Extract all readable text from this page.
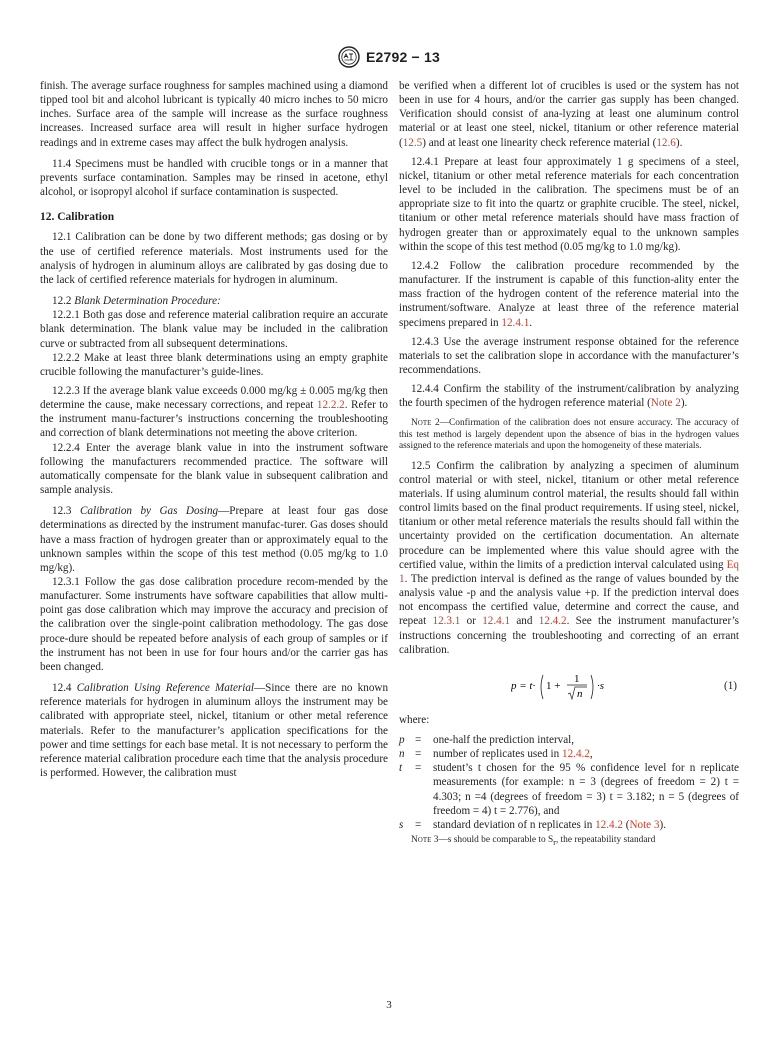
E2792 − 13

finish. The average surface roughness for samples machined using a diamond tipped tool bit and alcohol lubricant is typically 40 micro inches to 50 micro inches. Surface area of the sample will increase as the surface roughness increases. Increased surface area will result in higher surface hydrogen readings and in extreme cases may affect the bulk hydrogen analysis.

11.4 Specimens must be handled with crucible tongs or in a manner that prevents surface contamination. Samples may be rinsed in acetone, ethyl alcohol, or isopropyl alcohol if surface contamination is suspected.

12. Calibration

12.1 Calibration can be done by two different methods; gas dosing or by the use of certified reference materials. Most instruments used for the analysis of hydrogen in aluminum alloys are calibrated by gas dosing due to the lack of certified reference materials for hydrogen in aluminum.

12.2 Blank Determination Procedure:

12.2.1 Both gas dose and reference material calibration require an accurate blank determination. The blank value may be included in the calibration curve or subtracted from all subsequent determinations.

12.2.2 Make at least three blank determinations using an empty graphite crucible following the manufacturer’s guide-lines.

12.2.3 If the average blank value exceeds 0.000 mg/kg ± 0.005 mg/kg then determine the cause, make necessary corrections, and repeat 12.2.2. Refer to the instrument manu-facturer’s instructions concerning the troubleshooting and correction of blank determinations not meeting the above criterion.

12.2.4 Enter the average blank value in into the instrument software following the manufacturers recommended practice. The software will automatically compensate for the blank value in subsequent calibration and sample analysis.

12.3 Calibration by Gas Dosing—Prepare at least four gas dose determinations as directed by the instrument manufac-turer. Gas doses should have a mass fraction of hydrogen greater than or approximately equal to the unknown samples within the scope of this test method (0.05 mg/kg to 1.0 mg/kg).

12.3.1 Follow the gas dose calibration procedure recom-mended by the manufacturer. Some instruments have software capabilities that allow multi-point gas dose calibration which may improve the accuracy and precision of the calibration over the single-point calibration methodology. The gas dose proce-dure should be repeated before analysis of each group of samples or if the instrument has not been in use for four hours and/or the carrier gas has been changed.

12.4 Calibration Using Reference Material—Since there are no known reference materials for hydrogen in aluminum alloys the instrument may be calibrated with appropriate steel, nickel, titanium or other metal reference materials. Refer to the manufacturer’s application specifications for the power and time settings for each base metal. It is not necessary to perform the reference material calibration procedure each time that the analysis procedure is performed. However, the calibration must

be verified when a different lot of crucibles is used or the system has not been in use for 4 hours, and/or the carrier gas supply has been changed. Verification should consist of ana-lyzing at least one aluminum control material or at least one steel, nickel, titanium or other reference material (12.5) and at least one linearity check reference material (12.6).

12.4.1 Prepare at least four approximately 1 g specimens of a steel, nickel, titanium or other metal reference materials for each concentration level to be included in the calibration. The specimens must be of an appropriate size to fit into the quartz or graphite crucible. The steel, nickel, titanium or other metal reference materials should have mass fraction of hydrogen greater than or approximately equal to the unknown samples within the scope of this test method (0.05 mg/kg to 1.0 mg/kg).

12.4.2 Follow the calibration procedure recommended by the manufacturer. If the instrument is capable of this function-ality enter the mass fraction of the hydrogen content of the reference material into the instrument/software. Analyze at least three of the reference material specimens prepared in 12.4.1.

12.4.3 Use the average instrument response obtained for the reference materials to set the calibration slope in accordance with the manufacturer’s recommendations.

12.4.4 Confirm the stability of the instrument/calibration by analyzing the fourth specimen of the hydrogen reference material (Note 2).

Note 2—Confirmation of the calibration does not ensure accuracy. The accuracy of this test method is largely dependent upon the absence of bias in the hydrogen values assigned to the reference materials and upon the homogeneity of these materials.

12.5 Confirm the calibration by analyzing a specimen of aluminum control material or with steel, nickel, titanium or other metal reference materials. If using aluminum control material, the results should fall within control limits based on the final product requirements. If using steel, nickel, titanium or other metal reference materials the results should fall within the uncertainty provided on the certification documentation. An alternate procedure can be implemented where this value should agree with the certified value, within the limits of a prediction interval calculated using Eq 1. The prediction interval is defined as the range of values bounded by the analysis value -p and the analysis value +p. If the prediction interval does not encompass the certified value, determine and correct the cause, and repeat 12.3.1 or 12.4.1 and 12.4.2. See the instrument manufacturer’s instructions concerning the troubleshooting and correcting of an errant calibration.

p = t· 1 +
1
n
·s	(1)

where:

p =	one-half the prediction interval,
n =	number of replicates used in 12.4.2,
t	=	student’s t chosen for the 95 % confidence level for n replicate measurements (for example: n = 3 (degrees of freedom = 2) t = 4.303; n =4 (degrees of freedom = 3) t = 3.182; n = 5 (degrees of freedom = 4) t = 2.776), and
s	=	standard deviation of n replicates in 12.4.2 (Note 3).

Note 3—s should be comparable to $S_r$, the repeatability standard

3
